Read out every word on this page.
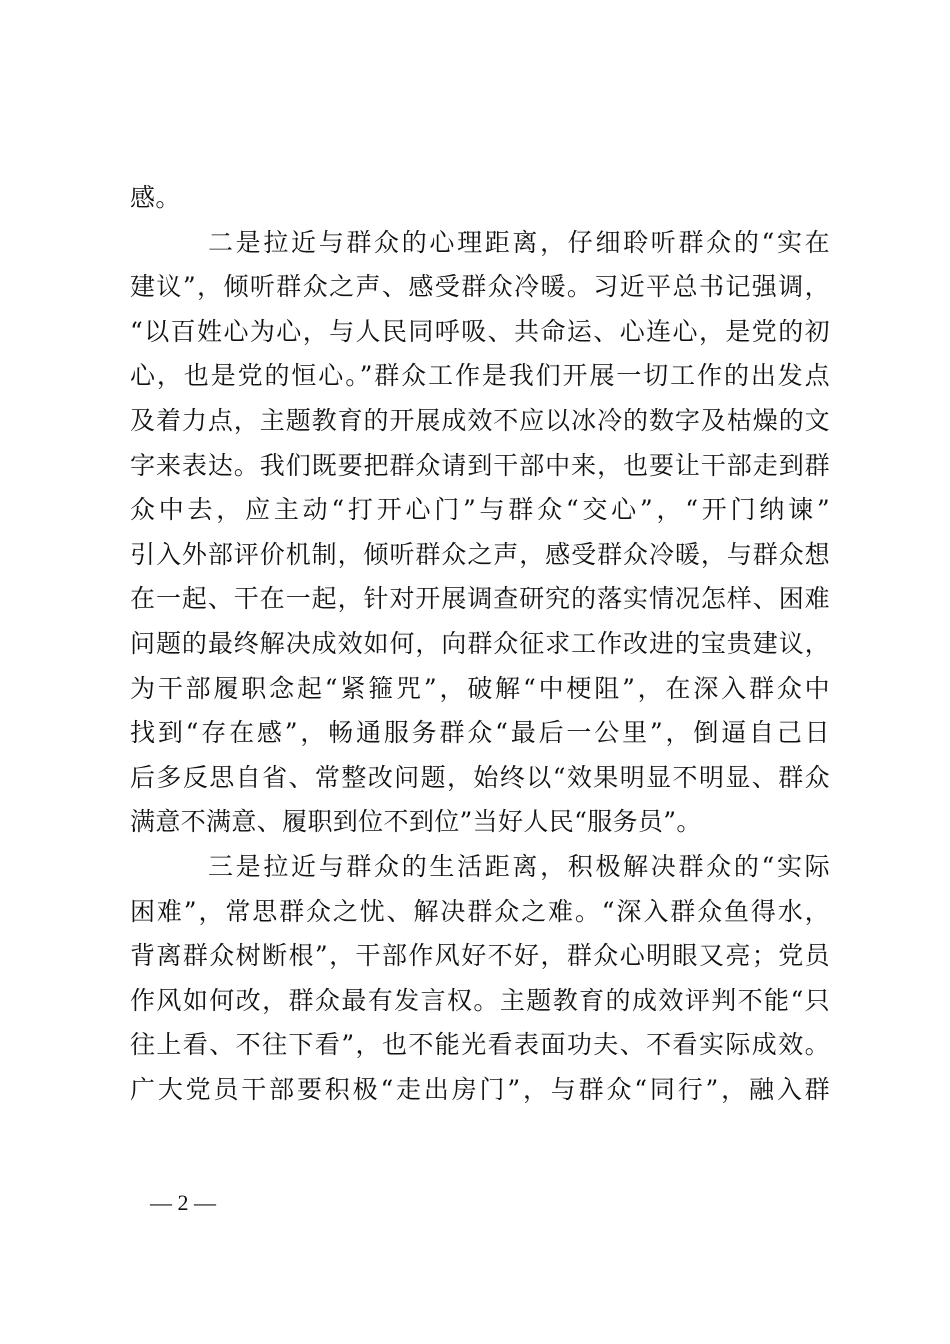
感。
二是拉近与群众的心理距离，仔细聆听群众的“实在
建议”，倾听群众之声、感受群众冷暖。习近平总书记强调，
“以百姓心为心，与人民同呼吸、共命运、心连心，是党的初
心，也是党的恒心。”群众工作是我们开展一切工作的出发点
及着力点，主题教育的开展成效不应以冰冷的数字及枯燥的文
字来表达。我们既要把群众请到干部中来，也要让干部走到群
众中去，应主动“打开心门”与群众“交心”，“开门纳谏”
引入外部评价机制，倾听群众之声，感受群众冷暖，与群众想
在一起、干在一起，针对开展调查研究的落实情况怎样、困难
问题的最终解决成效如何，向群众征求工作改进的宝贵建议，
为干部履职念起“紧箍咒”，破解“中梗阻”，在深入群众中
找到“存在感”，畅通服务群众“最后一公里”，倒逼自己日
后多反思自省、常整改问题，始终以“效果明显不明显、群众
满意不满意、履职到位不到位”当好人民“服务员”。
三是拉近与群众的生活距离，积极解决群众的“实际
困难”，常思群众之忧、解决群众之难。“深入群众鱼得水，
背离群众树断根”，干部作风好不好，群众心明眼又亮；党员
作风如何改，群众最有发言权。主题教育的成效评判不能“只
往上看、不往下看”，也不能光看表面功夫、不看实际成效。
广大党员干部要积极“走出房门”，与群众“同行”，融入群
— 2 —
